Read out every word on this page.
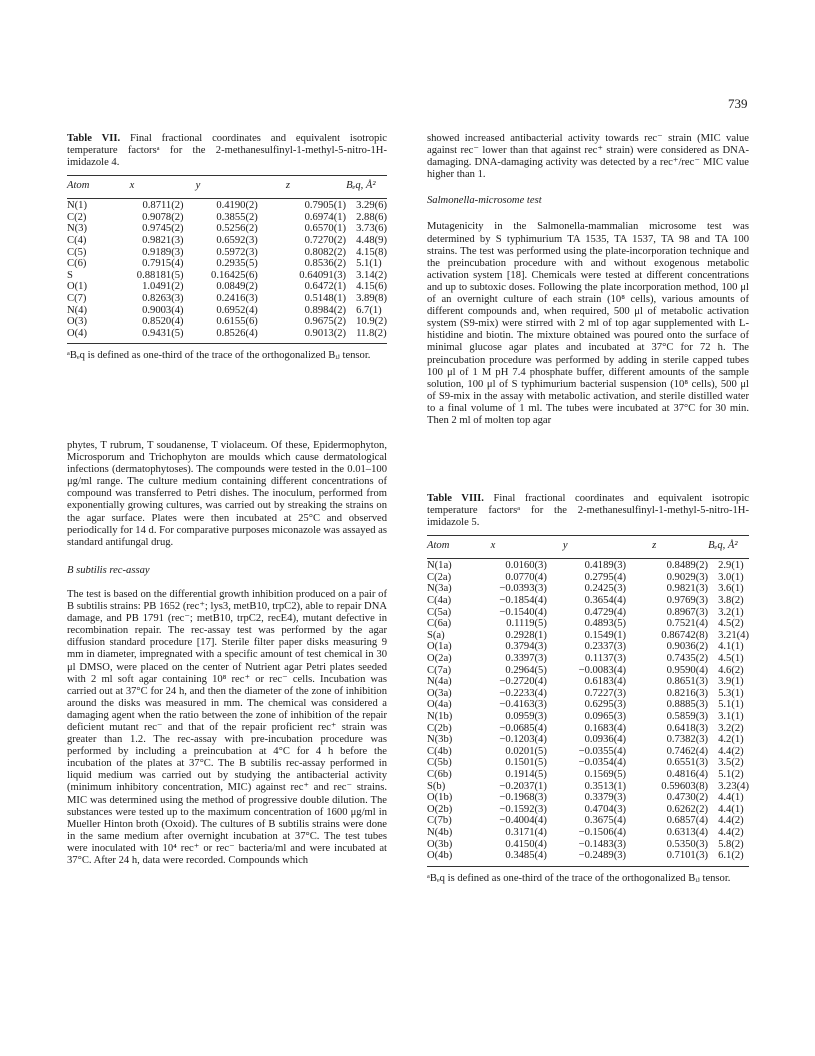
739
Table VII. Final fractional coordinates and equivalent isotropic temperature factorsᵃ for the 2-methanesulfinyl-1-methyl-5-nitro-1H-imidazole 4.
Atom	x	y	z	Bₑq, Å²

N(1)	0.8711(2)	0.4190(2)	0.7905(1)	3.29(6)
C(2)	0.9078(2)	0.3855(2)	0.6974(1)	2.88(6)
N(3)	0.9745(2)	0.5256(2)	0.6570(1)	3.73(6)
C(4)	0.9821(3)	0.6592(3)	0.7270(2)	4.48(9)
C(5)	0.9189(3)	0.5972(3)	0.8082(2)	4.15(8)
C(6)	0.7915(4)	0.2935(5)	0.8536(2)	5.1(1)
S	0.88181(5)	0.16425(6)	0.64091(3)	3.14(2)
O(1)	1.0491(2)	0.0849(2)	0.6472(1)	4.15(6)
C(7)	0.8263(3)	0.2416(3)	0.5148(1)	3.89(8)
N(4)	0.9003(4)	0.6952(4)	0.8984(2)	6.7(1)
O(3)	0.8520(4)	0.6155(6)	0.9675(2)	10.9(2)
O(4)	0.9431(5)	0.8526(4)	0.9013(2)	11.8(2)
ᵃBₑq is defined as one-third of the trace of the orthogonalized Bᵢⱼ tensor.

phytes, T rubrum, T soudanense, T violaceum. Of these, Epidermophyton, Microsporum and Trichophyton are moulds which cause dermatological infections (dermatophytoses). The compounds were tested in the 0.01–100 μg/ml range. The culture medium containing different concentrations of compound was transferred to Petri dishes. The inoculum, performed from exponentially growing cultures, was carried out by streaking the strains on the agar surface. Plates were then incubated at 25°C and observed periodically for 14 d. For comparative purposes miconazole was assayed as standard antifungal drug.

B subtilis rec-assay

The test is based on the differential growth inhibition produced on a pair of B subtilis strains: PB 1652 (rec⁺; lys3, metB10, trpC2), able to repair DNA damage, and PB 1791 (rec⁻; metB10, trpC2, recE4), mutant defective in recombination repair. The rec-assay test was performed by the agar diffusion standard procedure [17]. Sterile filter paper disks measuring 9 mm in diameter, impregnated with a specific amount of test chemical in 30 μl DMSO, were placed on the center of Nutrient agar Petri plates seeded with 2 ml soft agar containing 10⁸ rec⁺ or rec⁻ cells. Incubation was carried out at 37°C for 24 h, and then the diameter of the zone of inhibition around the disks was measured in mm. The chemical was considered a damaging agent when the ratio between the zone of inhibition of the repair deficient mutant rec⁻ and that of the repair proficient rec⁺ strain was greater than 1.2. The rec-assay with pre-incubation procedure was performed by including a preincubation at 4°C for 4 h before the incubation of the plates at 37°C. The B subtilis rec-assay performed in liquid medium was carried out by studying the antibacterial activity (minimum inhibitory concentration, MIC) against rec⁺ and rec⁻ strains. MIC was determined using the method of progressive double dilution. The substances were tested up to the maximum concentration of 1600 μg/ml in Mueller Hinton broth (Oxoid). The cultures of B subtilis strains were done in the same medium after overnight incubation at 37°C. The test tubes were inoculated with 10⁴ rec⁺ or rec⁻ bacteria/ml and were incubated at 37°C. After 24 h, data were recorded. Compounds which

showed increased antibacterial activity towards rec⁻ strain (MIC value against rec⁻ lower than that against rec⁺ strain) were considered as DNA-damaging. DNA-damaging activity was detected by a rec⁺/rec⁻ MIC value higher than 1.

Salmonella-microsome test

Mutagenicity in the Salmonella-mammalian microsome test was determined by S typhimurium TA 1535, TA 1537, TA 98 and TA 100 strains. The test was performed using the plate-incorporation technique and the preincubation procedure with and without exogenous metabolic activation system [18]. Chemicals were tested at different concentrations and up to subtoxic doses. Following the plate incorporation method, 100 μl of an overnight culture of each strain (10⁸ cells), various amounts of different compounds and, when required, 500 μl of metabolic activation system (S9-mix) were stirred with 2 ml of top agar supplemented with L-histidine and biotin. The mixture obtained was poured onto the surface of minimal glucose agar plates and incubated at 37°C for 72 h. The preincubation procedure was performed by adding in sterile capped tubes 100 μl of 1 M pH 7.4 phosphate buffer, different amounts of the sample solution, 100 μl of S typhimurium bacterial suspension (10⁸ cells), 500 μl of S9-mix in the assay with metabolic activation, and sterile distilled water to a final volume of 1 ml. The tubes were incubated at 37°C for 30 min. Then 2 ml of molten top agar

Table VIII. Final fractional coordinates and equivalent isotropic temperature factorsᵃ for the 2-methanesulfinyl-1-methyl-5-nitro-1H-imidazole 5.
Atom	x	y	z	Bₑq, Å²

N(1a)	0.0160(3)	0.4189(3)	0.8489(2)	2.9(1)
C(2a)	0.0770(4)	0.2795(4)	0.9029(3)	3.0(1)
N(3a)	−0.0393(3)	0.2425(3)	0.9821(3)	3.6(1)
C(4a)	−0.1854(4)	0.3654(4)	0.9769(3)	3.8(2)
C(5a)	−0.1540(4)	0.4729(4)	0.8967(3)	3.2(1)
C(6a)	0.1119(5)	0.4893(5)	0.7521(4)	4.5(2)
S(a)	0.2928(1)	0.1549(1)	0.86742(8)	3.21(4)
O(1a)	0.3794(3)	0.2337(3)	0.9036(2)	4.1(1)
O(2a)	0.3397(3)	0.1137(3)	0.7435(2)	4.5(1)
C(7a)	0.2964(5)	−0.0083(4)	0.9590(4)	4.6(2)
N(4a)	−0.2720(4)	0.6183(4)	0.8651(3)	3.9(1)
O(3a)	−0.2233(4)	0.7227(3)	0.8216(3)	5.3(1)
O(4a)	−0.4163(3)	0.6295(3)	0.8885(3)	5.1(1)
N(1b)	0.0959(3)	0.0965(3)	0.5859(3)	3.1(1)
C(2b)	−0.0685(4)	0.1683(4)	0.6418(3)	3.2(2)
N(3b)	−0.1203(4)	0.0936(4)	0.7382(3)	4.2(1)
C(4b)	0.0201(5)	−0.0355(4)	0.7462(4)	4.4(2)
C(5b)	0.1501(5)	−0.0354(4)	0.6551(3)	3.5(2)
C(6b)	0.1914(5)	0.1569(5)	0.4816(4)	5.1(2)
S(b)	−0.2037(1)	0.3513(1)	0.59603(8)	3.23(4)
O(1b)	−0.1968(3)	0.3379(3)	0.4730(2)	4.4(1)
O(2b)	−0.1592(3)	0.4704(3)	0.6262(2)	4.4(1)
C(7b)	−0.4004(4)	0.3675(4)	0.6857(4)	4.4(2)
N(4b)	0.3171(4)	−0.1506(4)	0.6313(4)	4.4(2)
O(3b)	0.4150(4)	−0.1483(3)	0.5350(3)	5.8(2)
O(4b)	0.3485(4)	−0.2489(3)	0.7101(3)	6.1(2)
ᵃBₑq is defined as one-third of the trace of the orthogonalized Bᵢⱼ tensor.
